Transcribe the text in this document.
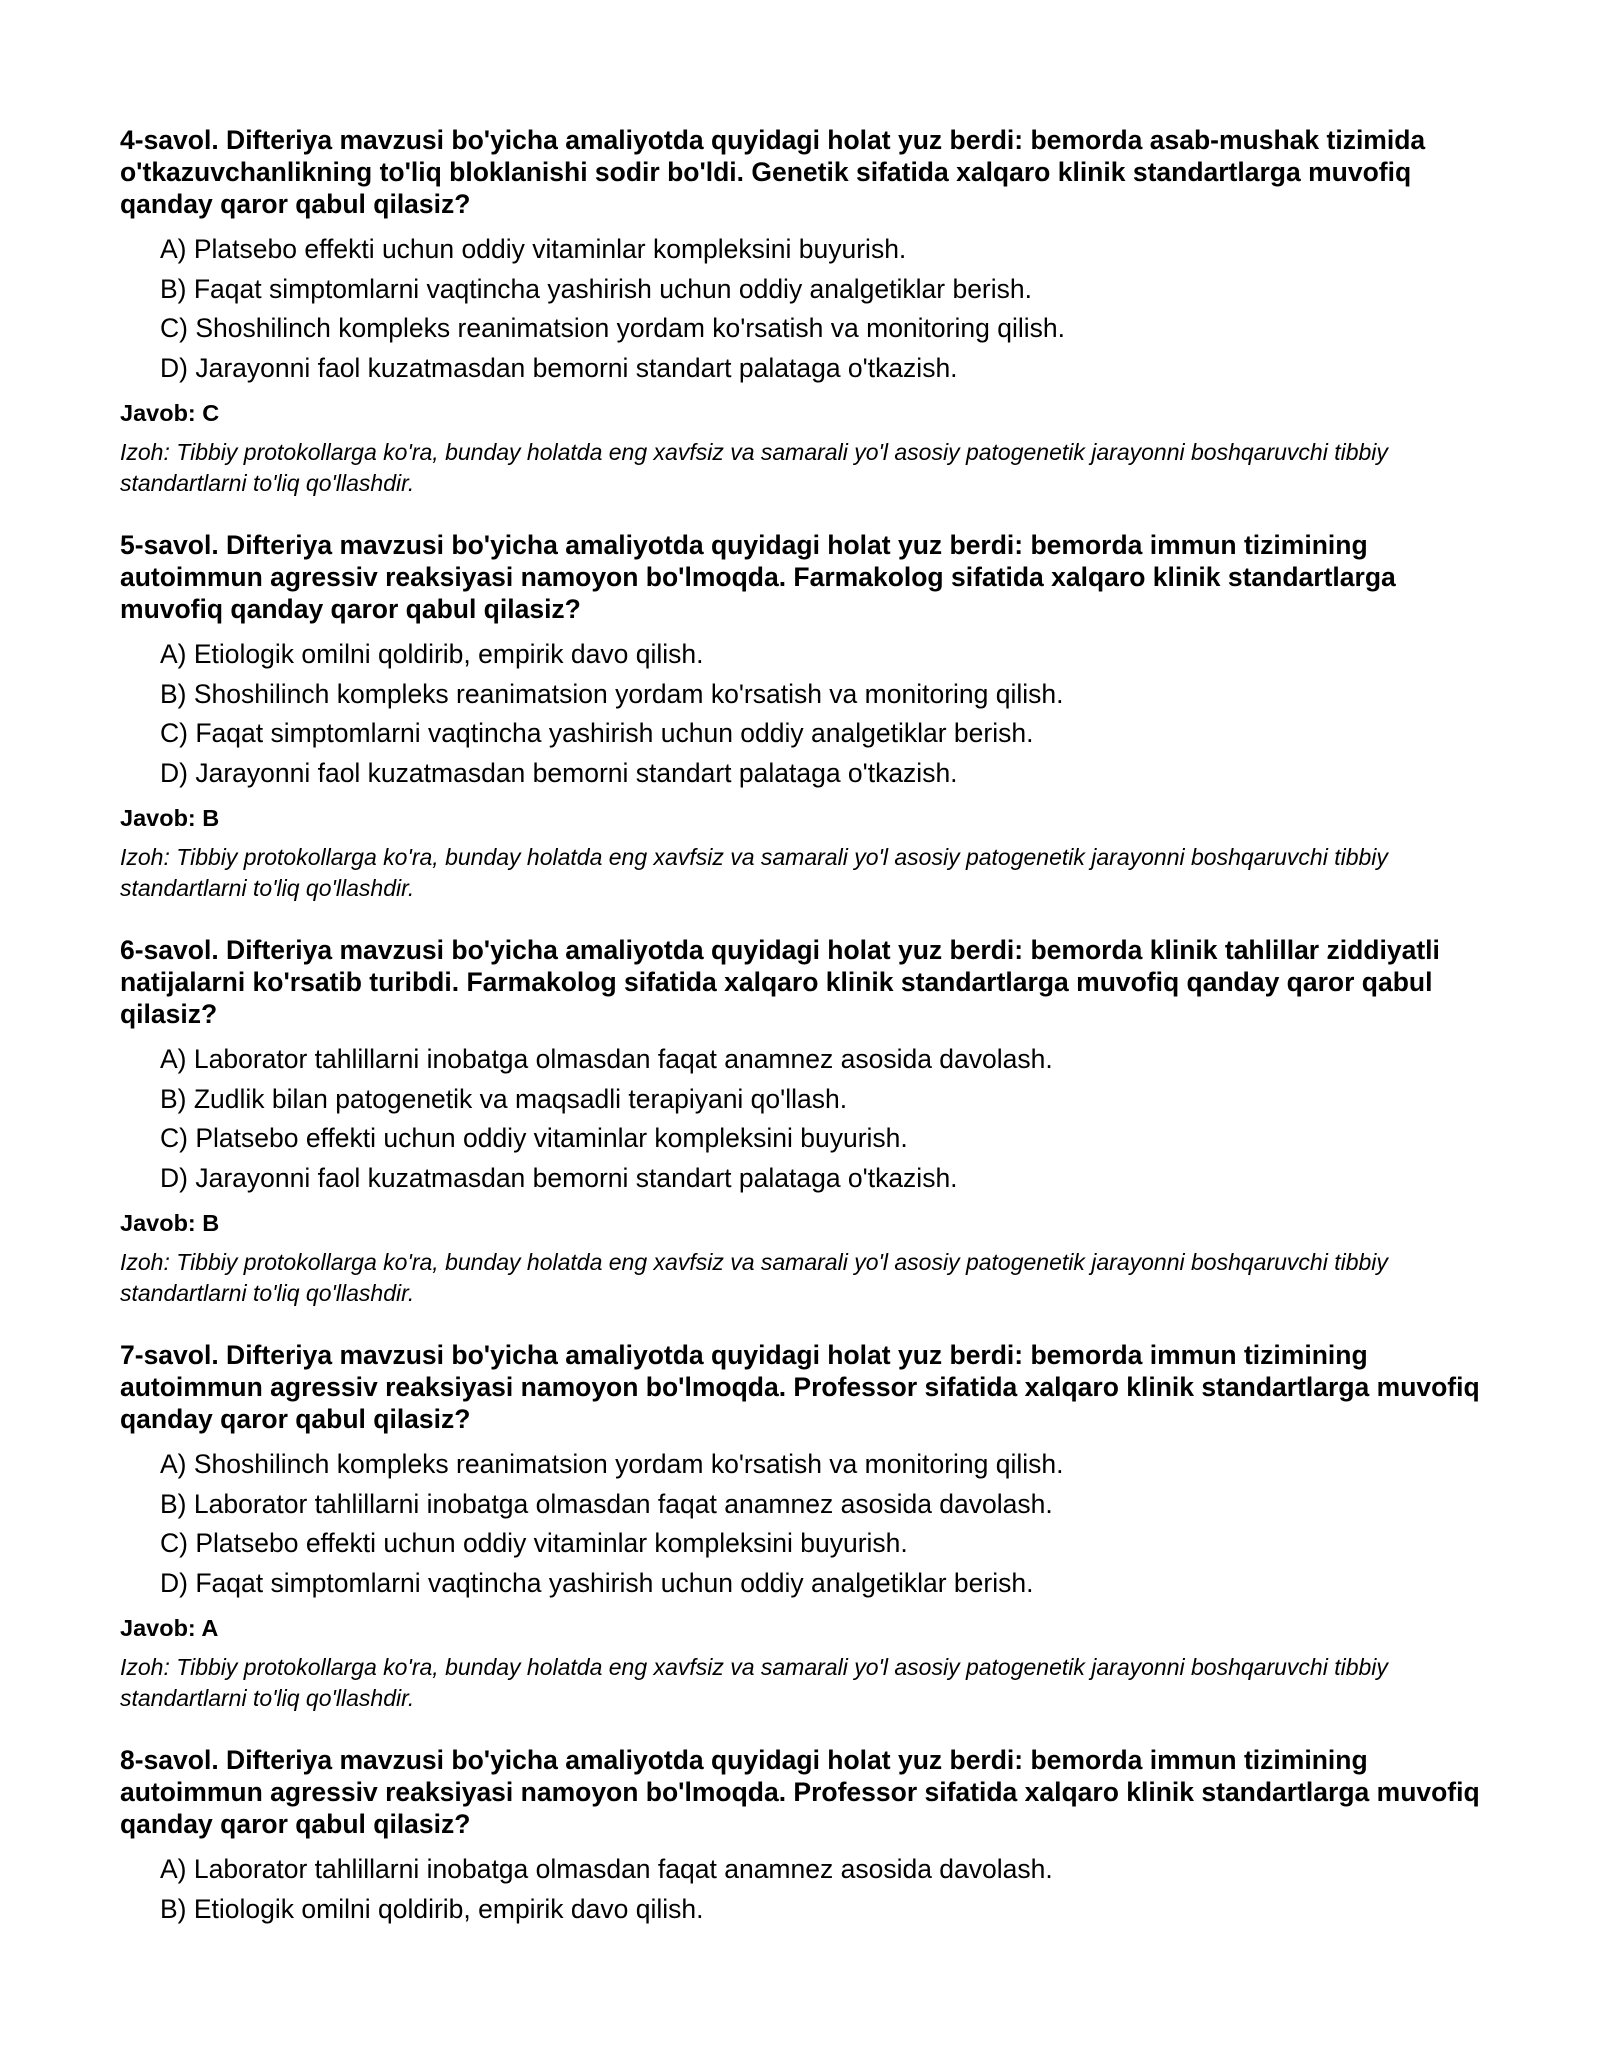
4-savol. Difteriya mavzusi bo'yicha amaliyotda quyidagi holat yuz berdi: bemorda asab-mushak tizimida o'tkazuvchanlikning to'liq bloklanishi sodir bo'ldi. Genetik sifatida xalqaro klinik standartlarga muvofiq qanday qaror qabul qilasiz?

A) Platsebo effekti uchun oddiy vitaminlar kompleksini buyurish.
B) Faqat simptomlarni vaqtincha yashirish uchun oddiy analgetiklar berish.
C) Shoshilinch kompleks reanimatsion yordam ko'rsatish va monitoring qilish.
D) Jarayonni faol kuzatmasdan bemorni standart palataga o'tkazish.

Javob: C

Izoh: Tibbiy protokollarga ko'ra, bunday holatda eng xavfsiz va samarali yo'l asosiy patogenetik jarayonni boshqaruvchi tibbiy standartlarni to'liq qo'llashdir.

5-savol. Difteriya mavzusi bo'yicha amaliyotda quyidagi holat yuz berdi: bemorda immun tizimining autoimmun agressiv reaksiyasi namoyon bo'lmoqda. Farmakolog sifatida xalqaro klinik standartlarga muvofiq qanday qaror qabul qilasiz?

A) Etiologik omilni qoldirib, empirik davo qilish.
B) Shoshilinch kompleks reanimatsion yordam ko'rsatish va monitoring qilish.
C) Faqat simptomlarni vaqtincha yashirish uchun oddiy analgetiklar berish.
D) Jarayonni faol kuzatmasdan bemorni standart palataga o'tkazish.

Javob: B

Izoh: Tibbiy protokollarga ko'ra, bunday holatda eng xavfsiz va samarali yo'l asosiy patogenetik jarayonni boshqaruvchi tibbiy standartlarni to'liq qo'llashdir.

6-savol. Difteriya mavzusi bo'yicha amaliyotda quyidagi holat yuz berdi: bemorda klinik tahlillar ziddiyatli natijalarni ko'rsatib turibdi. Farmakolog sifatida xalqaro klinik standartlarga muvofiq qanday qaror qabul qilasiz?

A) Laborator tahlillarni inobatga olmasdan faqat anamnez asosida davolash.
B) Zudlik bilan patogenetik va maqsadli terapiyani qo'llash.
C) Platsebo effekti uchun oddiy vitaminlar kompleksini buyurish.
D) Jarayonni faol kuzatmasdan bemorni standart palataga o'tkazish.

Javob: B

Izoh: Tibbiy protokollarga ko'ra, bunday holatda eng xavfsiz va samarali yo'l asosiy patogenetik jarayonni boshqaruvchi tibbiy standartlarni to'liq qo'llashdir.

7-savol. Difteriya mavzusi bo'yicha amaliyotda quyidagi holat yuz berdi: bemorda immun tizimining autoimmun agressiv reaksiyasi namoyon bo'lmoqda. Professor sifatida xalqaro klinik standartlarga muvofiq qanday qaror qabul qilasiz?

A) Shoshilinch kompleks reanimatsion yordam ko'rsatish va monitoring qilish.
B) Laborator tahlillarni inobatga olmasdan faqat anamnez asosida davolash.
C) Platsebo effekti uchun oddiy vitaminlar kompleksini buyurish.
D) Faqat simptomlarni vaqtincha yashirish uchun oddiy analgetiklar berish.

Javob: A

Izoh: Tibbiy protokollarga ko'ra, bunday holatda eng xavfsiz va samarali yo'l asosiy patogenetik jarayonni boshqaruvchi tibbiy standartlarni to'liq qo'llashdir.

8-savol. Difteriya mavzusi bo'yicha amaliyotda quyidagi holat yuz berdi: bemorda immun tizimining autoimmun agressiv reaksiyasi namoyon bo'lmoqda. Professor sifatida xalqaro klinik standartlarga muvofiq qanday qaror qabul qilasiz?

A) Laborator tahlillarni inobatga olmasdan faqat anamnez asosida davolash.
B) Etiologik omilni qoldirib, empirik davo qilish.
